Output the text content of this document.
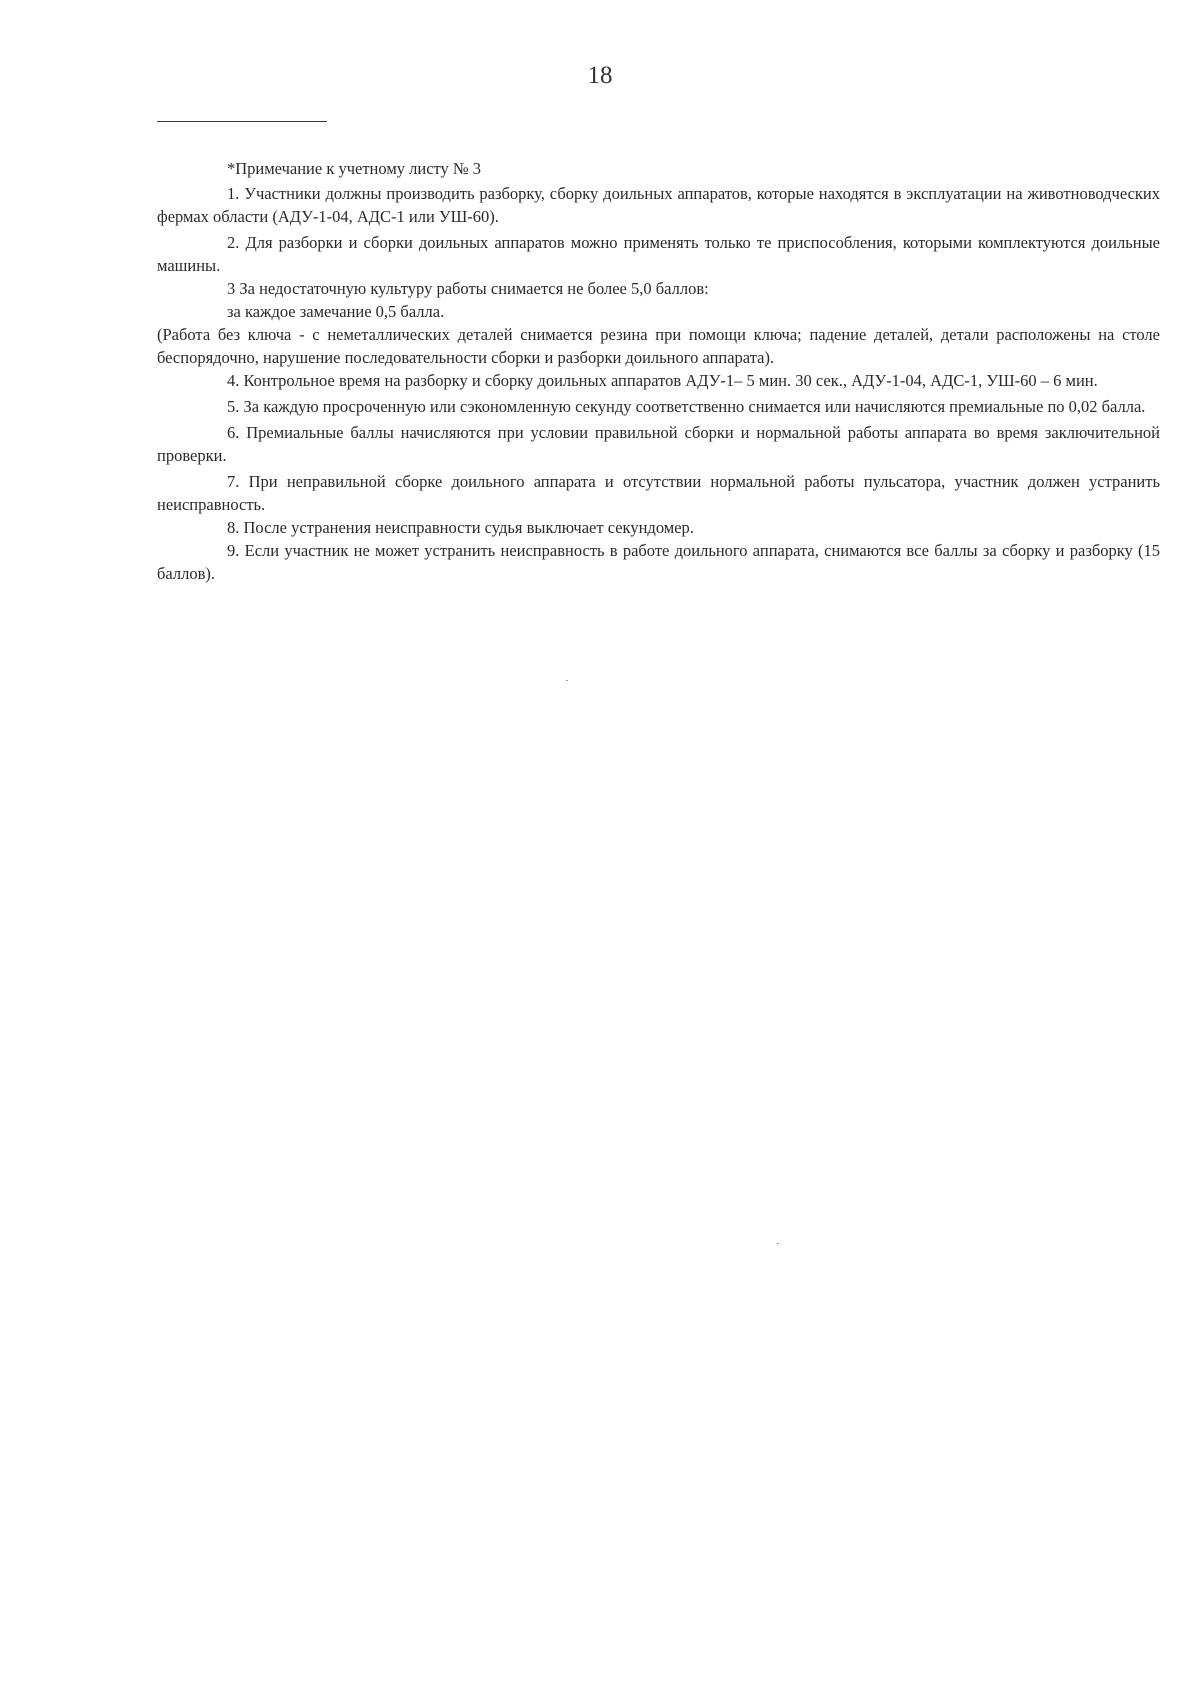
18

*Примечание к учетному листу № 3

1. Участники должны производить разборку, сборку доильных аппаратов, которые находятся в эксплуатации на животноводческих фермах области (АДУ-1-04, АДС-1 или УШ-60).

2. Для разборки и сборки доильных аппаратов можно применять только те приспособления, которыми комплектуются доильные машины.

3 За недостаточную культуру работы снимается не более 5,0 баллов:

за каждое замечание 0,5 балла.

(Работа без ключа - с неметаллических деталей снимается резина при помощи ключа; падение деталей, детали расположены на столе беспорядочно, нарушение последовательности сборки и разборки доильного аппарата).

4. Контрольное время на разборку и сборку доильных аппаратов АДУ-1– 5 мин. 30 сек., АДУ-1-04, АДС-1, УШ-60 – 6 мин.

5. За каждую просроченную или сэкономленную секунду соответственно снимается или начисляются премиальные по 0,02 балла.

6. Премиальные баллы начисляются при условии правильной сборки и нормальной работы аппарата во время заключительной проверки.

7. При неправильной сборке доильного аппарата и отсутствии нормальной работы пульсатора, участник должен устранить неисправность.

8. После устранения неисправности судья выключает секундомер.

9. Если участник не может устранить неисправность в работе доильного аппарата, снимаются все баллы за сборку и разборку (15 баллов).
